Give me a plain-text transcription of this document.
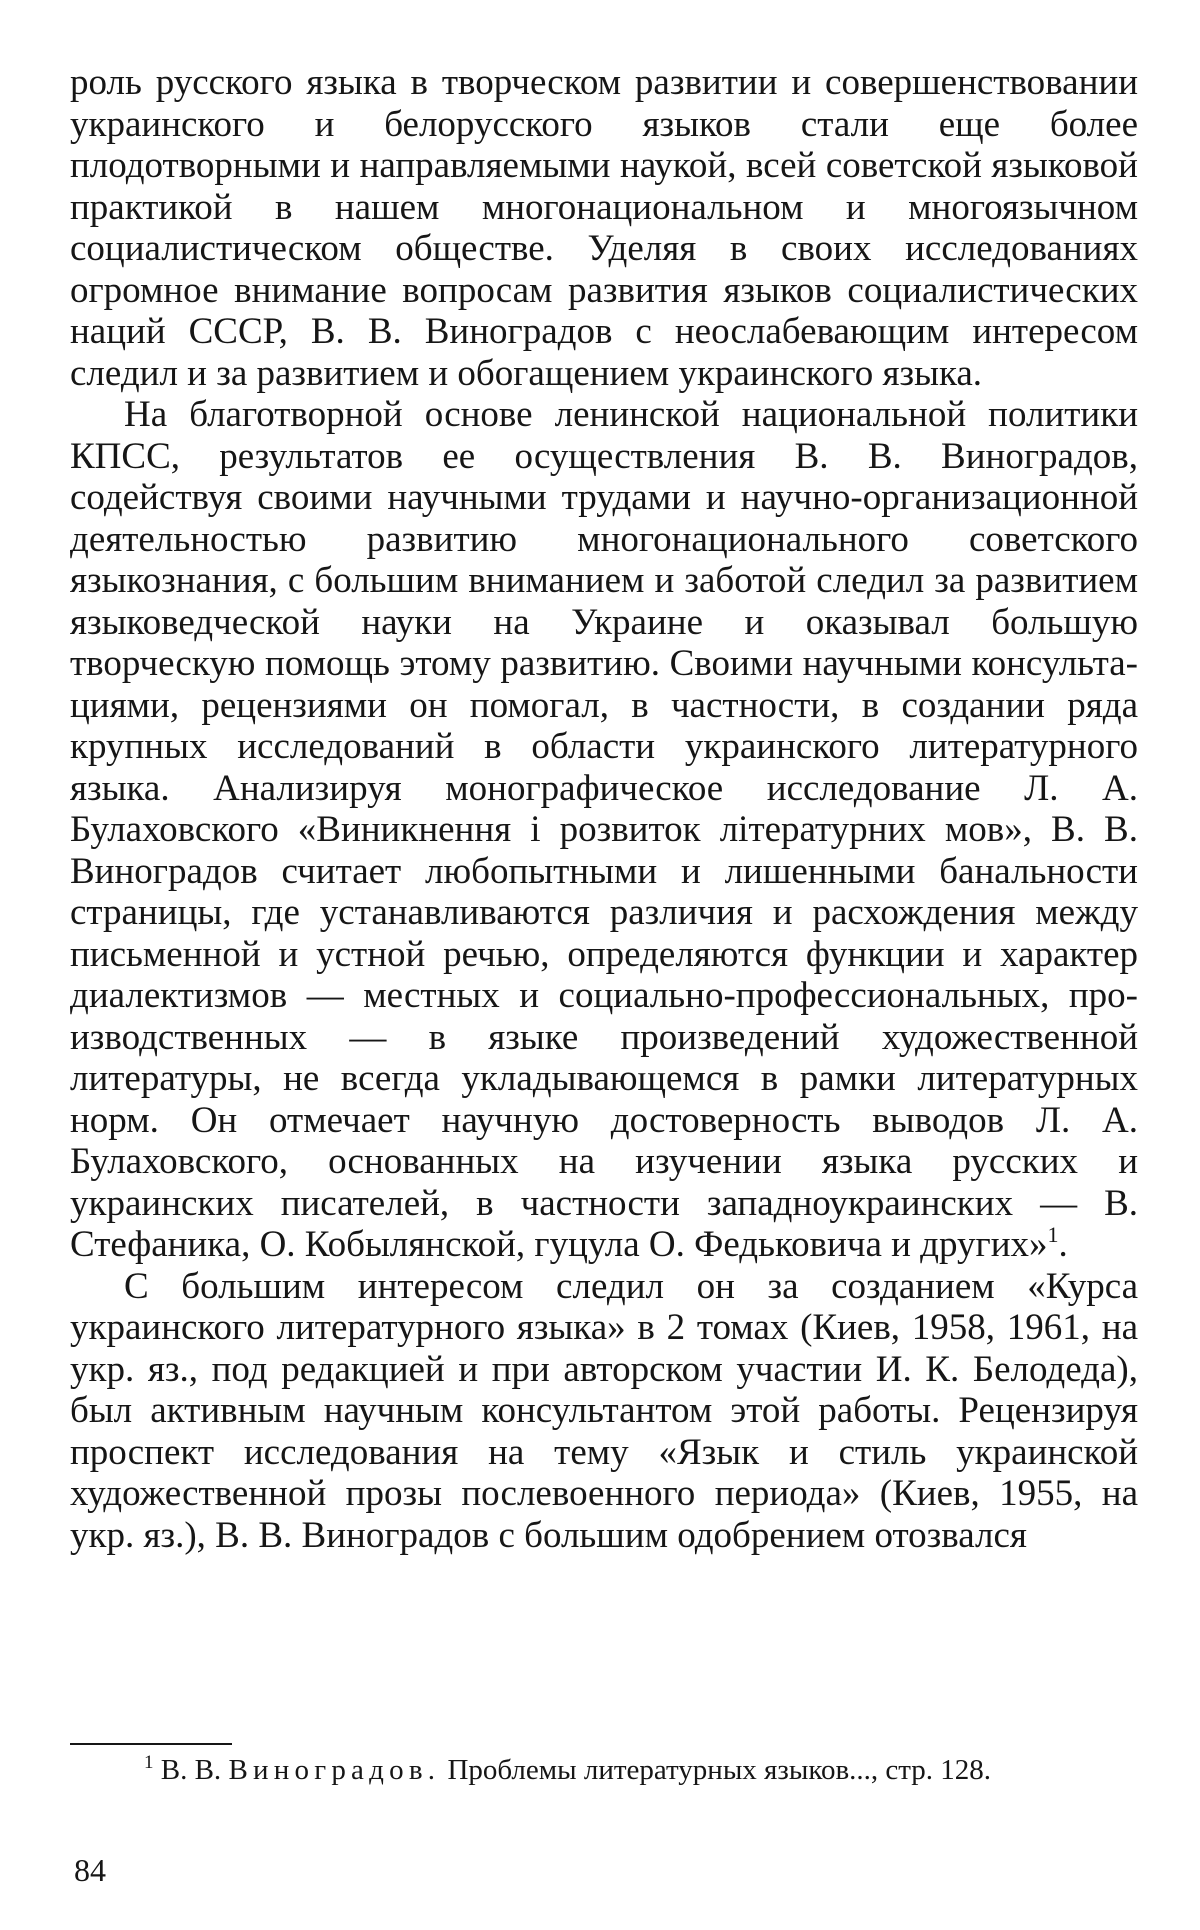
роль русского языка в творческом развитии и совершенствовании украинского и белорусского языков стали еще более плодотворными и направляемыми наукой, всей советской языковой практикой в нашем многонациональном и многоязычном социалистическом обществе. Уделяя в своих исследованиях огромное внимание вопросам развития языков социалистических наций СССР, В. В. Виноградов с неослабевающим интересом следил и за развитием и обогащением украинского языка.

На благотворной основе ленинской национальной политики КПСС, результатов ее осуществления В. В. Виноградов, содействуя своими научными трудами и научно-организационной деятельностью развитию многонационального советского языкознания, с большим вниманием и заботой следил за развитием языковедческой науки на Украине и оказывал большую творческую помощь этому развитию. Своими научными консультациями, рецензиями он помогал, в частности, в создании ряда крупных исследований в области украинского литературного языка. Анализируя монографическое исследование Л. А. Булаховского «Виникнення і розвиток літературних мов», В. В. Виноградов считает любопытными и лишенными банальности страницы, где устанавливаются различия и расхождения между письменной и устной речью, определяются функции и характер диалектизмов — местных и социально-профессиональных, производственных — в языке произведений художественной литературы, не всегда укладывающемся в рамки литературных норм. Он отмечает научную достоверность выводов Л. А. Булаховского, основанных на изучении языка русских и украинских писателей, в частности западноукраинских — В. Стефаника, О. Кобылянской, гуцула О. Федьковича и других»$^1$.

С большим интересом следил он за созданием «Курса украинского литературного языка» в 2 томах (Киев, 1958, 1961, на укр. яз., под редакцией и при авторском участии И. К. Белодеда), был активным научным консультантом этой работы. Рецензируя проспект исследования на тему «Язык и стиль украинской художественной прозы послевоенного периода» (Киев, 1955, на укр. яз.), В. В. Виноградов с большим одобрением отозвался

$^1$ В. В. Виноградов. Проблемы литературных языков..., стр. 128.

84
